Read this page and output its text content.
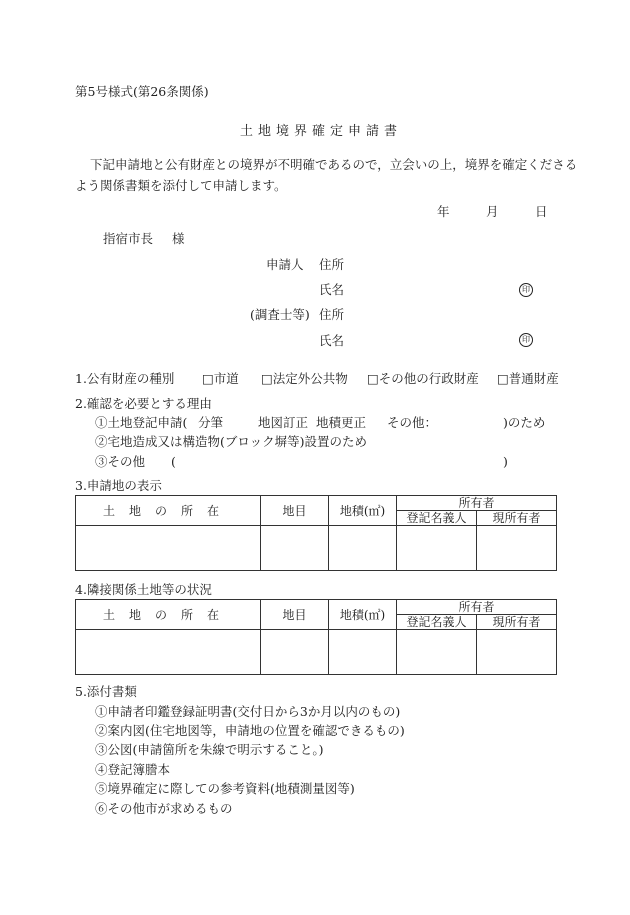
第5号様式(第26条関係)
土地境界確定申請書
下記申請地と公有財産との境界が不明確であるので，立会いの上，境界を確定くださる
よう関係書類を添付して申請します。
年	月	日
指宿市長 様
申請人 住所
氏名	印
(調査士等) 住所
氏名	印
1.公有財産の種別 □市道 □法定外公共物 □その他の行政財産 □普通財産
2.確認を必要とする理由
①土地登記申請( 分筆	地図訂正 地積更正 その他：	)のため
②宅地造成又は構造物(ブロック塀等)設置のため
③その他 (	)
3.申請地の表示
土地の所在	地目	地積(㎡)	所有者	
			登記名義人	現所有者

4.隣接関係土地等の状況
土地の所在	地目	地積(㎡)	所有者	
			登記名義人	現所有者

5.添付書類
①申請者印鑑登録証明書(交付日から3か月以内のもの)
②案内図(住宅地図等，申請地の位置を確認できるもの)
③公図(申請箇所を朱線で明示すること。)
④登記簿謄本
⑤境界確定に際しての参考資料(地積測量図等)
⑥その他市が求めるもの
